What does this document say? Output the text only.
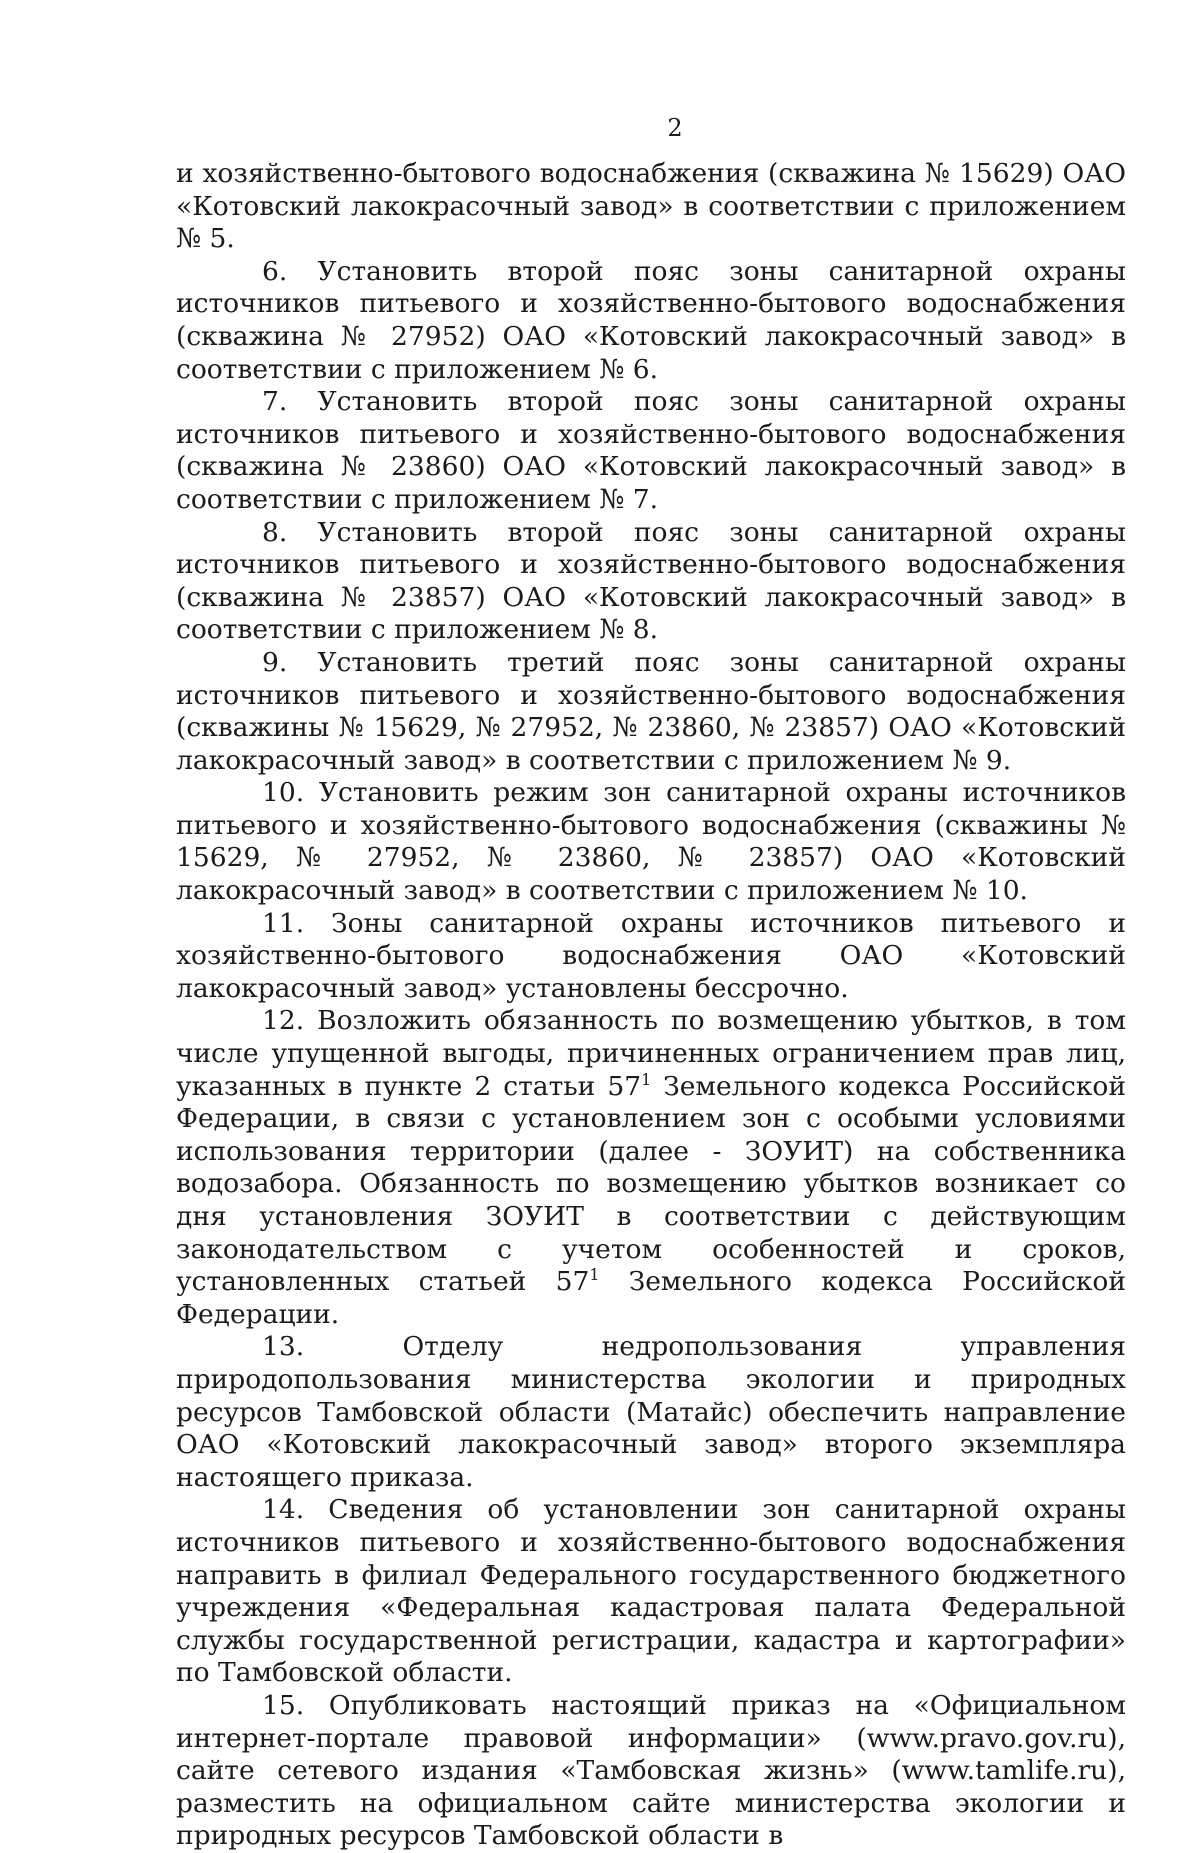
2

и хозяйственно-бытового водоснабжения (скважина № 15629) ОАО «Котовский лакокрасочный завод» в соответствии с приложением № 5.

6. Установить второй пояс зоны санитарной охраны источников питьевого и хозяйственно-бытового водоснабжения (скважина № 27952) ОАО «Котовский лакокрасочный завод» в соответствии с приложением № 6.

7. Установить второй пояс зоны санитарной охраны источников питьевого и хозяйственно-бытового водоснабжения (скважина № 23860) ОАО «Котовский лакокрасочный завод» в соответствии с приложением № 7.

8. Установить второй пояс зоны санитарной охраны источников питьевого и хозяйственно-бытового водоснабжения (скважина № 23857) ОАО «Котовский лакокрасочный завод» в соответствии с приложением № 8.

9. Установить третий пояс зоны санитарной охраны источников питьевого и хозяйственно-бытового водоснабжения (скважины № 15629, № 27952, № 23860, № 23857) ОАО «Котовский лакокрасочный завод» в соответствии с приложением № 9.

10. Установить режим зон санитарной охраны источников питьевого и хозяйственно-бытового водоснабжения (скважины № 15629, № 27952, № 23860, № 23857) ОАО «Котовский лакокрасочный завод» в соответствии с приложением № 10.

11. Зоны санитарной охраны источников питьевого и хозяйственно-бытового водоснабжения ОАО «Котовский лакокрасочный завод» установлены бессрочно.

12. Возложить обязанность по возмещению убытков, в том числе упущенной выгоды, причиненных ограничением прав лиц, указанных в пункте 2 статьи $57^1$ Земельного кодекса Российской Федерации, в связи с установлением зон с особыми условиями использования территории (далее - ЗОУИТ) на собственника водозабора. Обязанность по возмещению убытков возникает со дня установления ЗОУИТ в соответствии с действующим законодательством с учетом особенностей и сроков, установленных статьей $57^1$ Земельного кодекса Российской Федерации.

13. Отделу недропользования управления природопользования министерства экологии и природных ресурсов Тамбовской области (Матайс) обеспечить направление ОАО «Котовский лакокрасочный завод» второго экземпляра настоящего приказа.

14. Сведения об установлении зон санитарной охраны источников питьевого и хозяйственно-бытового водоснабжения направить в филиал Федерального государственного бюджетного учреждения «Федеральная кадастровая палата Федеральной службы государственной регистрации, кадастра и картографии» по Тамбовской области.

15. Опубликовать настоящий приказ на «Официальном интернет-портале правовой информации» (www.pravo.gov.ru), сайте сетевого издания «Тамбовская жизнь» (www.tamlife.ru), разместить на официальном сайте министерства экологии и природных ресурсов Тамбовской области в
